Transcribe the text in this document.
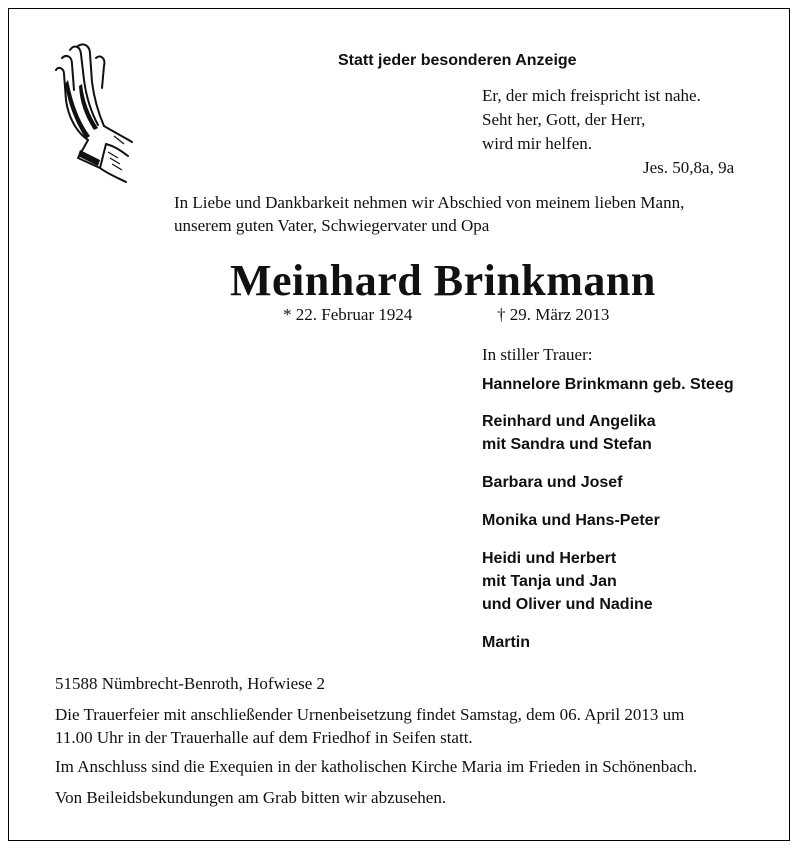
Statt jeder besonderen Anzeige
Er, der mich freispricht ist nahe.
Seht her, Gott, der Herr,
wird mir helfen.
Jes. 50,8a, 9a
In Liebe und Dankbarkeit nehmen wir Abschied von meinem lieben Mann,
unserem guten Vater, Schwiegervater und Opa
Meinhard Brinkmann
* 22. Februar 1924	† 29. März 2013
In stiller Trauer:
Hannelore Brinkmann geb. Steeg
Reinhard und Angelika
mit Sandra und Stefan
Barbara und Josef
Monika und Hans-Peter
Heidi und Herbert
mit Tanja und Jan
und Oliver und Nadine
Martin
51588 Nümbrecht-Benroth, Hofwiese 2
Die Trauerfeier mit anschließender Urnenbeisetzung findet Samstag, dem 06. April 2013 um
11.00 Uhr in der Trauerhalle auf dem Friedhof in Seifen statt.
Im Anschluss sind die Exequien in der katholischen Kirche Maria im Frieden in Schönenbach.
Von Beileidsbekundungen am Grab bitten wir abzusehen.
